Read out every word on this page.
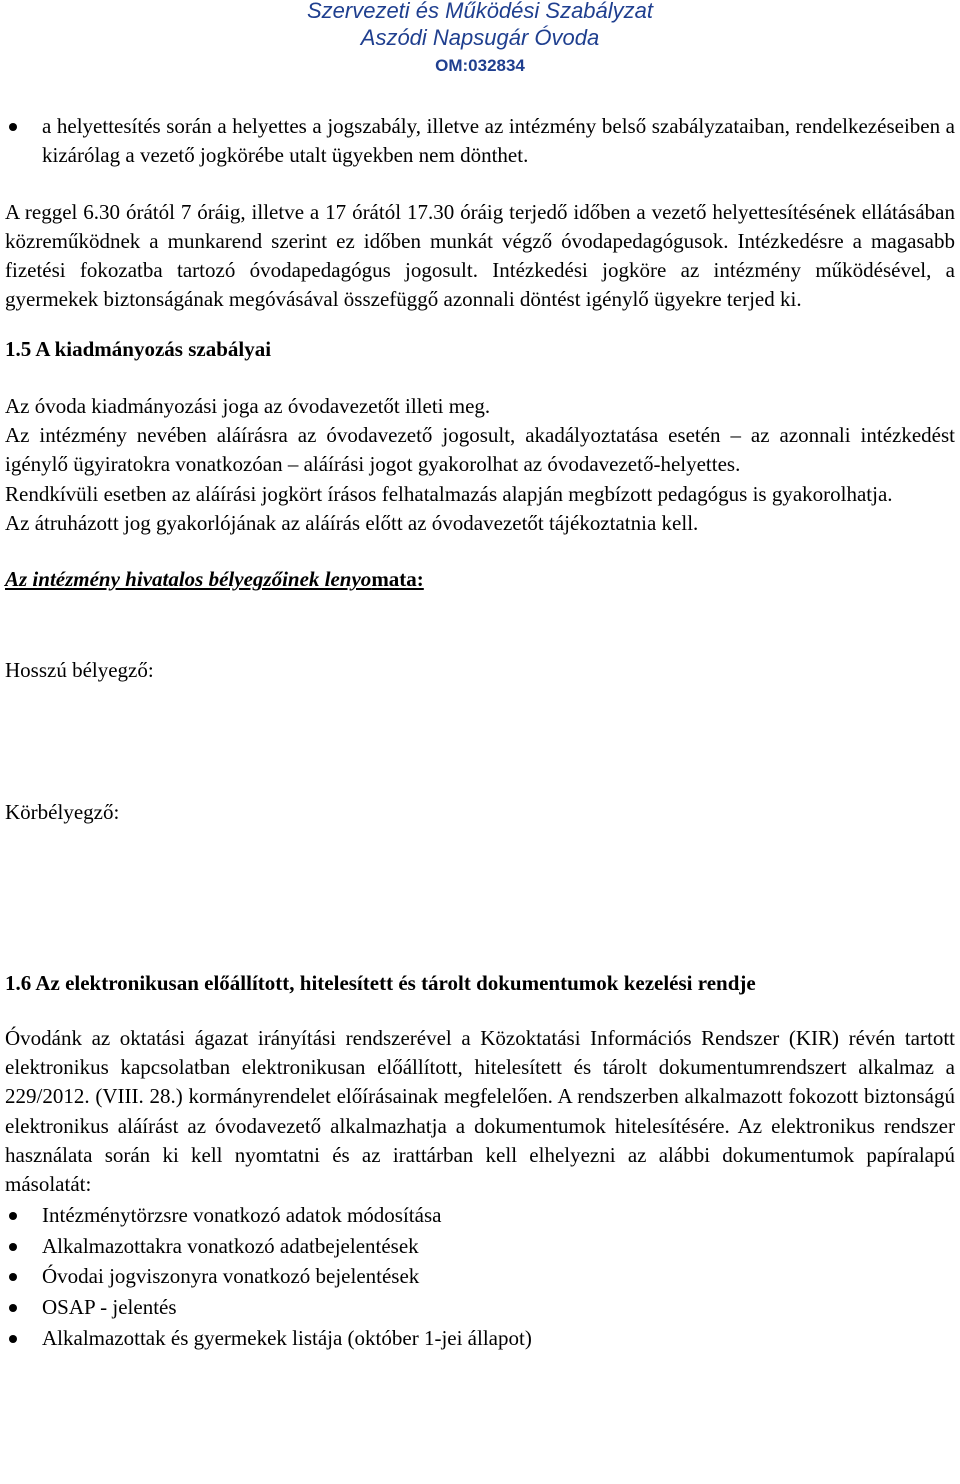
Szervezeti és Működési Szabályzat
Aszódi Napsugár Óvoda
OM:032834
a helyettesítés során a helyettes a jogszabály, illetve az intézmény belső szabályzataiban, rendelkezéseiben a kizárólag a vezető jogkörébe utalt ügyekben nem dönthet.

A reggel 6.30 órától 7 óráig, illetve a 17 órától 17.30 óráig terjedő időben a vezető helyettesítésének ellátásában közreműködnek a munkarend szerint ez időben munkát végző óvodapedagógusok. Intézkedésre a magasabb fizetési fokozatba tartozó óvodapedagógus jogosult. Intézkedési jogköre az intézmény működésével, a gyermekek biztonságának megóvásával összefüggő azonnali döntést igénylő ügyekre terjed ki.

1.5 A kiadmányozás szabályai

Az óvoda kiadmányozási joga az óvodavezetőt illeti meg.

Az intézmény nevében aláírásra az óvodavezető jogosult, akadályoztatása esetén – az azonnali intézkedést igénylő ügyiratokra vonatkozóan – aláírási jogot gyakorolhat az óvodavezető-helyettes.

Rendkívüli esetben az aláírási jogkört írásos felhatalmazás alapján megbízott pedagógus is gyakorolhatja.

Az átruházott jog gyakorlójának az aláírás előtt az óvodavezetőt tájékoztatnia kell.

Az intézmény hivatalos bélyegzőinek lenyomata:

Hosszú bélyegző:

Körbélyegző:

1.6 Az elektronikusan előállított, hitelesített és tárolt dokumentumok kezelési rendje

Óvodánk az oktatási ágazat irányítási rendszerével a Közoktatási Információs Rendszer (KIR) révén tartott elektronikus kapcsolatban elektronikusan előállított, hitelesített és tárolt dokumentumrendszert alkalmaz a 229/2012. (VIII. 28.) kormányrendelet előírásainak megfelelően. A rendszerben alkalmazott fokozott biztonságú elektronikus aláírást az óvodavezető alkalmazhatja a dokumentumok hitelesítésére. Az elektronikus rendszer használata során ki kell nyomtatni és az irattárban kell elhelyezni az alábbi dokumentumok papíralapú másolatát:

Intézménytörzsre vonatkozó adatok módosítása
Alkalmazottakra vonatkozó adatbejelentések
Óvodai jogviszonyra vonatkozó bejelentések
OSAP - jelentés
Alkalmazottak és gyermekek listája (október 1-jei állapot)
